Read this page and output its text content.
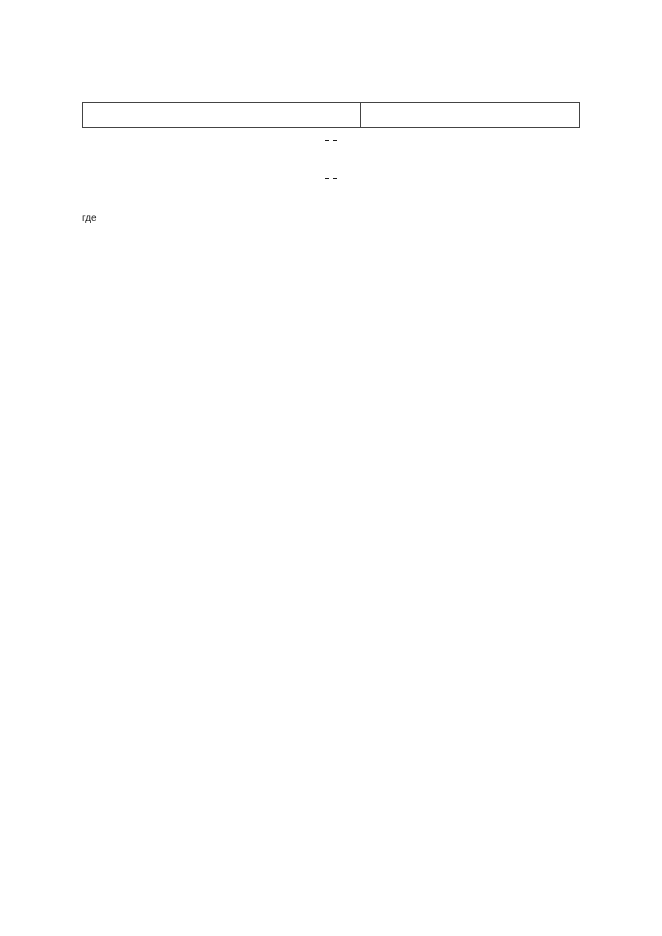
где
